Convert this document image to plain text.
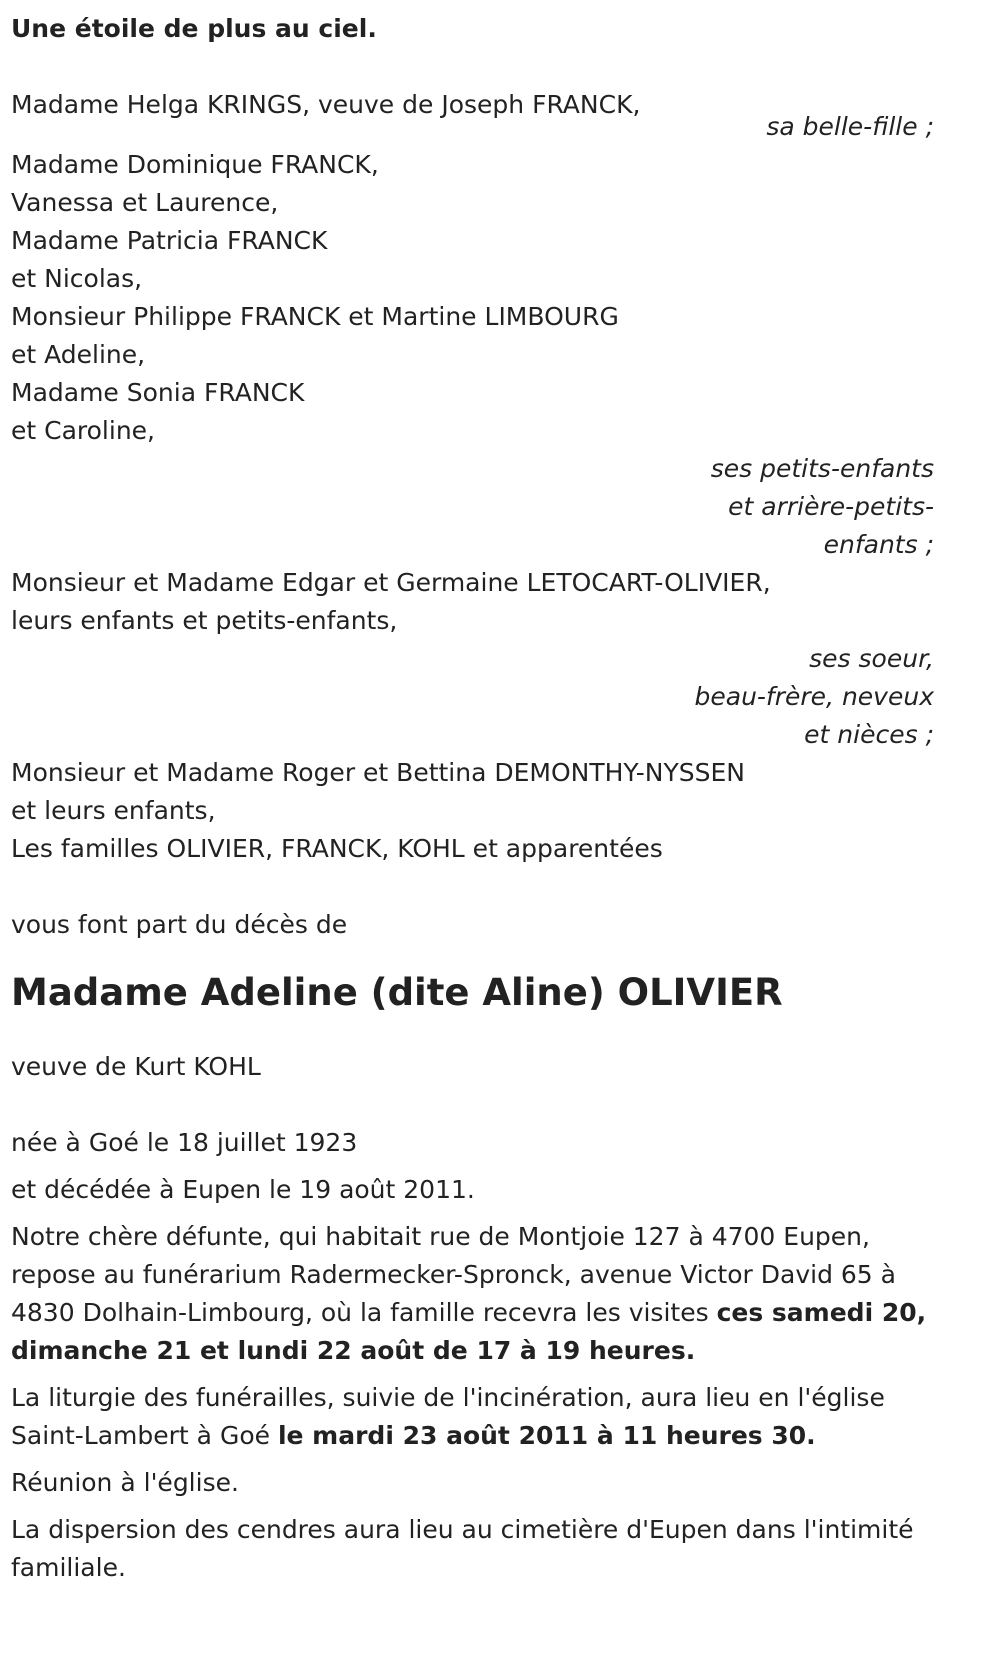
Une étoile de plus au ciel.
Madame Helga KRINGS, veuve de Joseph FRANCK,
sa belle-fille ;
Madame Dominique FRANCK,
Vanessa et Laurence,
Madame Patricia FRANCK
et Nicolas,
Monsieur Philippe FRANCK et Martine LIMBOURG
et Adeline,
Madame Sonia FRANCK
et Caroline,
ses petits-enfants
et arrière-petits-
enfants ;
Monsieur et Madame Edgar et Germaine LETOCART-OLIVIER,
leurs enfants et petits-enfants,
ses soeur,
beau-frère, neveux
et nièces ;
Monsieur et Madame Roger et Bettina DEMONTHY-NYSSEN
et leurs enfants,
Les familles OLIVIER, FRANCK, KOHL et apparentées
vous font part du décès de
Madame Adeline (dite Aline) OLIVIER
veuve de Kurt KOHL
née à Goé le 18 juillet 1923
et décédée à Eupen le 19 août 2011.
Notre chère défunte, qui habitait rue de Montjoie 127 à 4700 Eupen, repose au funérarium Radermecker-Spronck, avenue Victor David 65 à 4830 Dolhain-Limbourg, où la famille recevra les visites ces samedi 20, dimanche 21 et lundi 22 août de 17 à 19 heures.
La liturgie des funérailles, suivie de l'incinération, aura lieu en l'église Saint-Lambert à Goé le mardi 23 août 2011 à 11 heures 30.
Réunion à l'église.
La dispersion des cendres aura lieu au cimetière d'Eupen dans l'intimité familiale.
